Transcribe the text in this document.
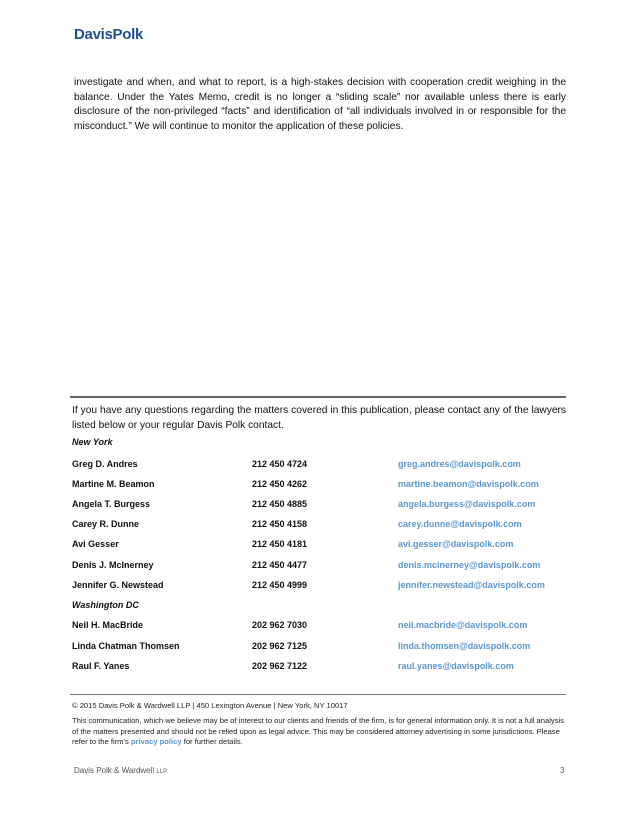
DavisPolk
investigate and when, and what to report, is a high-stakes decision with cooperation credit weighing in the balance. Under the Yates Memo, credit is no longer a “sliding scale” nor available unless there is early disclosure of the non-privileged “facts” and identification of “all individuals involved in or responsible for the misconduct.” We will continue to monitor the application of these policies.
If you have any questions regarding the matters covered in this publication, please contact any of the lawyers listed below or your regular Davis Polk contact.
New York
Greg D. Andres	212 450 4724	greg.andres@davispolk.com
Martine M. Beamon	212 450 4262	martine.beamon@davispolk.com
Angela T. Burgess	212 450 4885	angela.burgess@davispolk.com
Carey R. Dunne	212 450 4158	carey.dunne@davispolk.com
Avi Gesser	212 450 4181	avi.gesser@davispolk.com
Denis J. McInerney	212 450 4477	denis.mcinerney@davispolk.com
Jennifer G. Newstead	212 450 4999	jennifer.newstead@davispolk.com
Washington DC
Neil H. MacBride	202 962 7030	neil.macbride@davispolk.com
Linda Chatman Thomsen	202 962 7125	linda.thomsen@davispolk.com
Raul F. Yanes	202 962 7122	raul.yanes@davispolk.com
© 2015 Davis Polk & Wardwell LLP | 450 Lexington Avenue | New York, NY 10017
This communication, which we believe may be of interest to our clients and friends of the firm, is for general information only. It is not a full analysis of the matters presented and should not be relied upon as legal advice. This may be considered attorney advertising in some jurisdictions. Please refer to the firm’s privacy policy for further details.
Davis Polk & Wardwell LLP	3
